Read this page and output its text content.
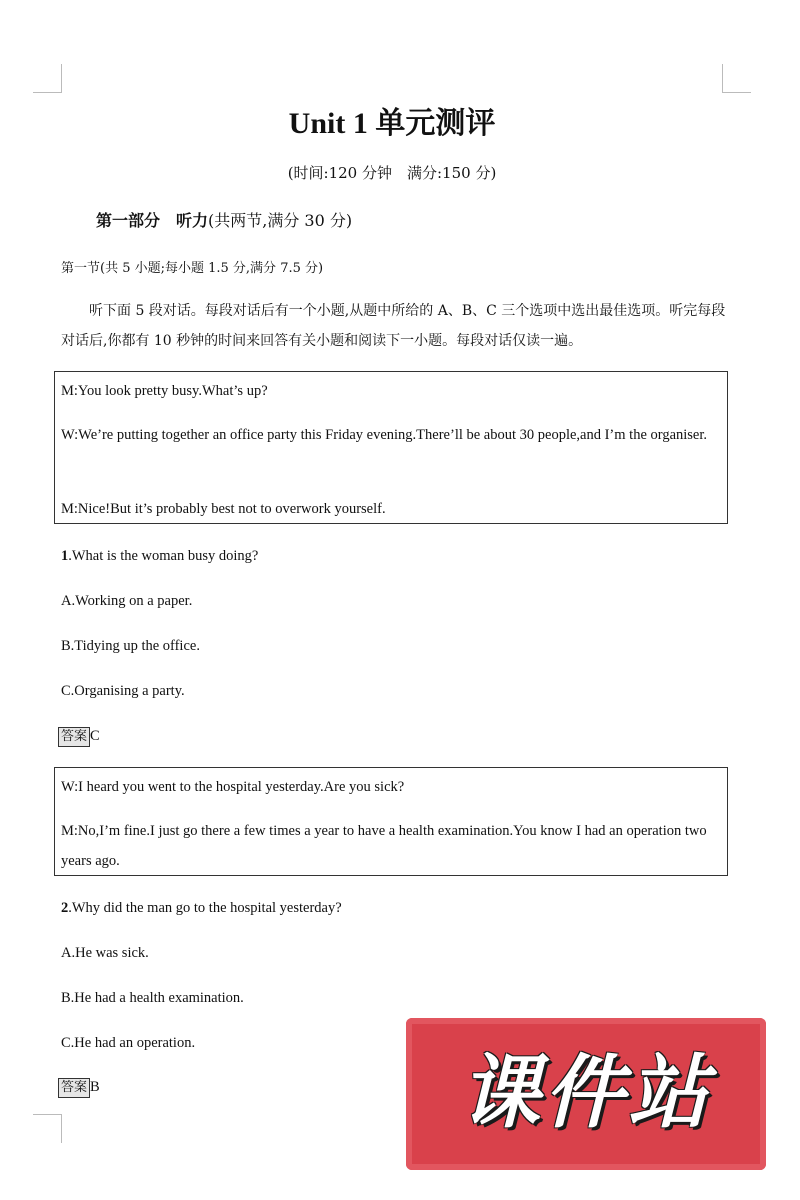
Unit 1 单元测评
(时间:120 分钟　满分:150 分)
第一部分　听力(共两节,满分 30 分)
第一节(共 5 小题;每小题 1.5 分,满分 7.5 分)
听下面 5 段对话。每段对话后有一个小题,从题中所给的 A、B、C 三个选项中选出最佳选项。听完每段对话后,你都有 10 秒钟的时间来回答有关小题和阅读下一小题。每段对话仅读一遍。

M:You look pretty busy.What’s up?

W:We’re putting together an office party this Friday evening.There’ll be about 30 people,and I’m the organiser.

M:Nice!But it’s probably best not to overwork yourself.

1.What is the woman busy doing?
A.Working on a paper.
B.Tidying up the office.
C.Organising a party.
答案 C

W:I heard you went to the hospital yesterday.Are you sick?

M:No,I’m fine.I just go there a few times a year to have a health examination.You know I had an operation two years ago.

2.Why did the man go to the hospital yesterday?
A.He was sick.
B.He had a health examination.
C.He had an operation.
答案 B	课件站
